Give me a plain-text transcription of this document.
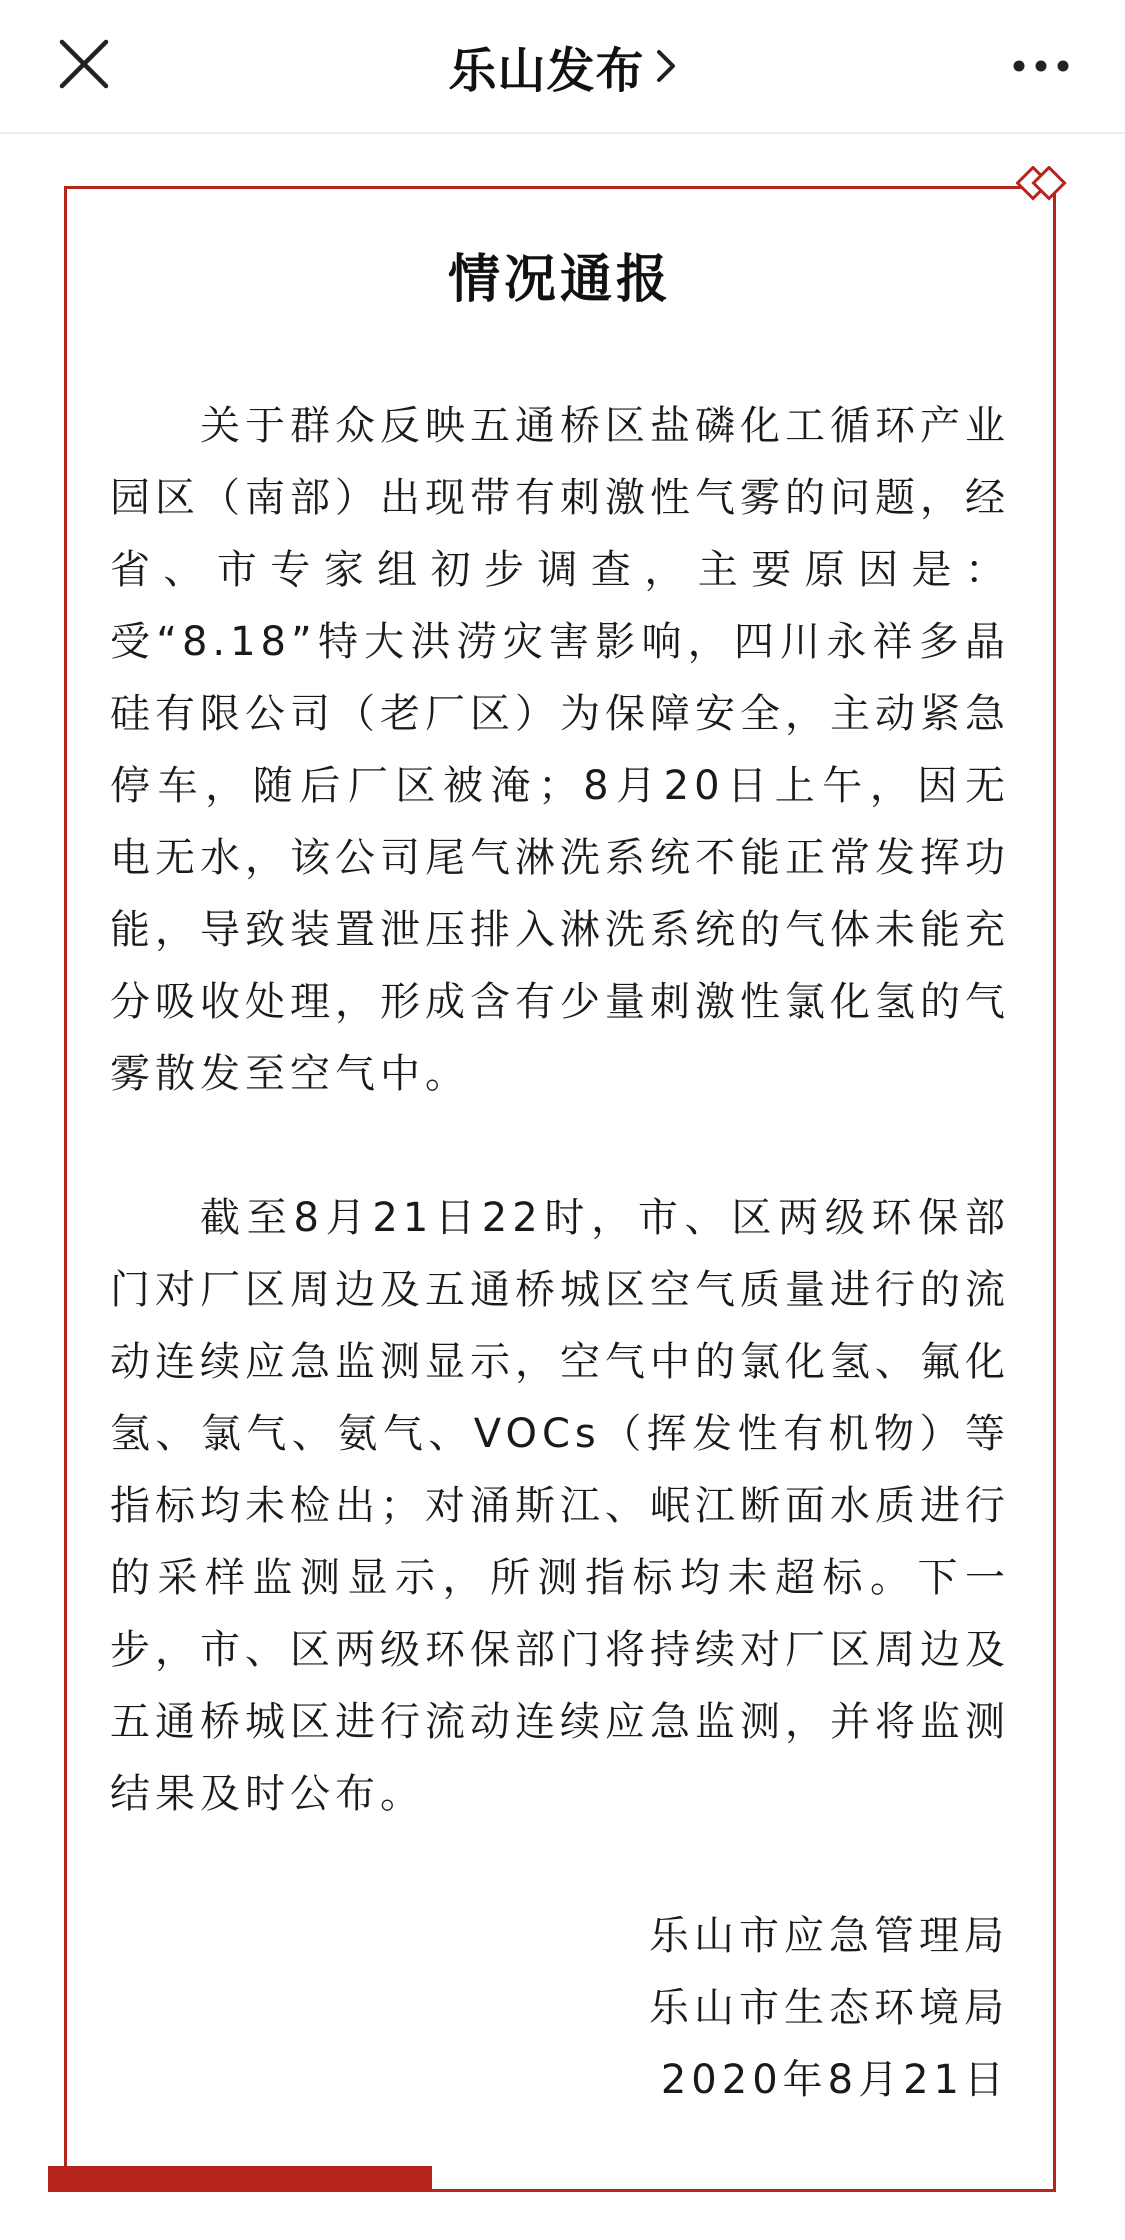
乐山发布
情况通报

关于群众反映五通桥区盐磷化工循环产业园区（南部）出现带有刺激性气雾的问题，经省、市专家组初步调查，主要原因是：受“8.18”特大洪涝灾害影响，四川永祥多晶硅有限公司（老厂区）为保障安全，主动紧急停车，随后厂区被淹；8月20日上午，因无电无水，该公司尾气淋洗系统不能正常发挥功能，导致装置泄压排入淋洗系统的气体未能充分吸收处理，形成含有少量刺激性氯化氢的气雾散发至空气中。

截至8月21日22时，市、区两级环保部门对厂区周边及五通桥城区空气质量进行的流动连续应急监测显示，空气中的氯化氢、氟化氢、氯气、氨气、VOCs（挥发性有机物）等指标均未检出；对涌斯江、岷江断面水质进行的采样监测显示，所测指标均未超标。下一步，市、区两级环保部门将持续对厂区周边及五通桥城区进行流动连续应急监测，并将监测结果及时公布。

乐山市应急管理局
乐山市生态环境局
2020年8月21日
